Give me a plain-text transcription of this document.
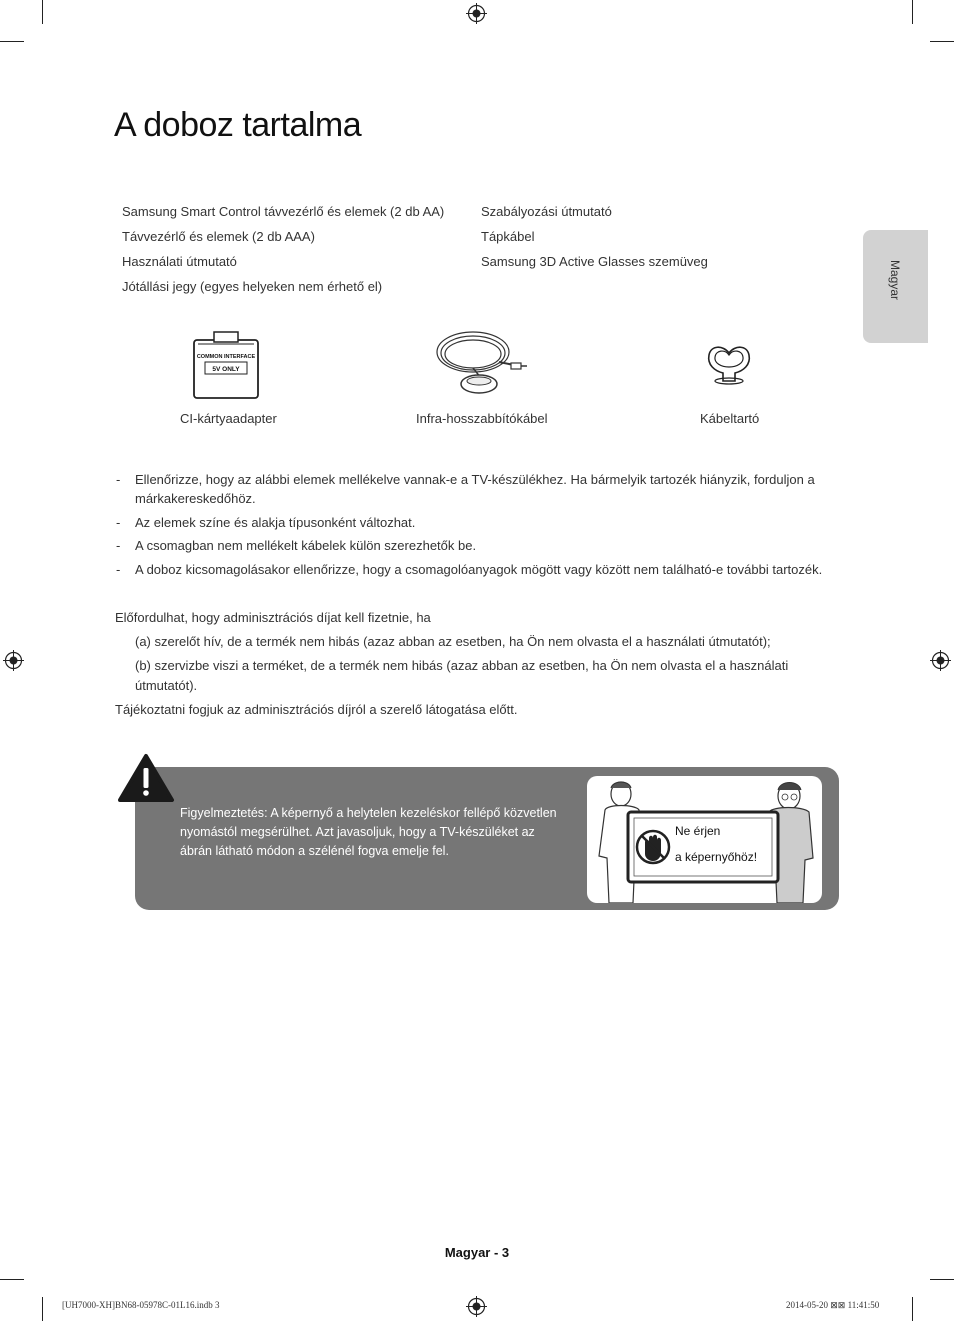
A doboz tartalma
Magyar
Samsung Smart Control távvezérlő és elemek (2 db AA)
Távvezérlő és elemek (2 db AAA)
Használati útmutató
Jótállási jegy (egyes helyeken nem érhető el)
Szabályozási útmutató
Tápkábel
Samsung 3D Active Glasses szemüveg
COMMON INTERFACE
5V ONLY
CI-kártyaadapter	Infra-hosszabbítókábel	Kábeltartó
- Ellenőrizze, hogy az alábbi elemek mellékelve vannak-e a TV-készülékhez. Ha bármelyik tartozék hiányzik, forduljon a márkakereskedőhöz.
- Az elemek színe és alakja típusonként változhat.
- A csomagban nem mellékelt kábelek külön szerezhetők be.
- A doboz kicsomagolásakor ellenőrizze, hogy a csomagolóanyagok mögött vagy között nem található-e további tartozék.
Előfordulhat, hogy adminisztrációs díjat kell fizetnie, ha
(a) szerelőt hív, de a termék nem hibás (azaz abban az esetben, ha Ön nem olvasta el a használati útmutatót);
(b) szervizbe viszi a terméket, de a termék nem hibás (azaz abban az esetben, ha Ön nem olvasta el a használati
útmutatót).
Tájékoztatni fogjuk az adminisztrációs díjról a szerelő látogatása előtt.
Figyelmeztetés: A képernyő a helytelen kezeléskor fellépő közvetlen nyomástól megsérülhet. Azt javasoljuk, hogy a TV-készüléket az ábrán látható módon a szélénél fogva emelje fel.
Ne érjen
a képernyőhöz!
Magyar - 3
[UH7000-XH]BN68-05978C-01L16.indb 3	2014-05-20 ⊠⊠ 11:41:50
